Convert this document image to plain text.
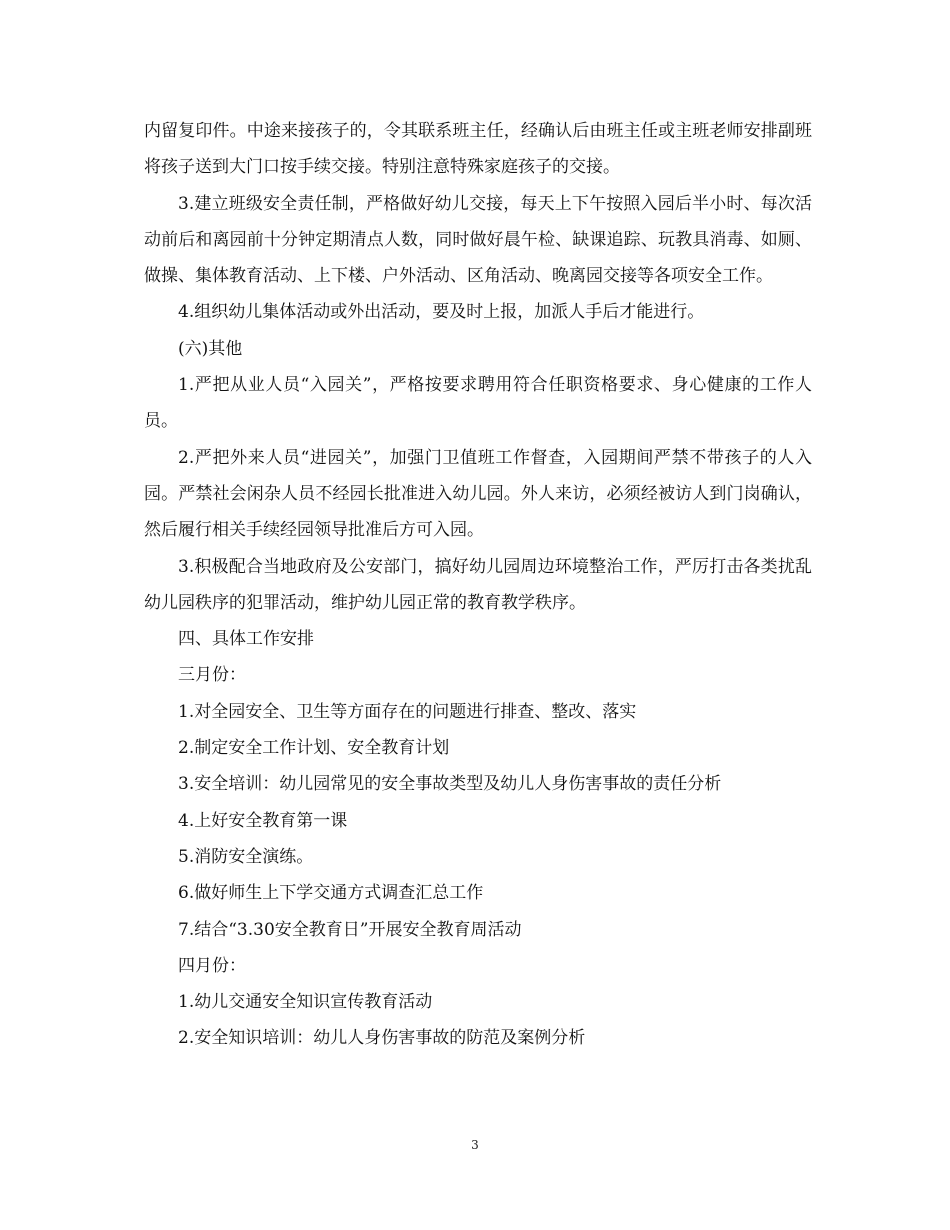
内留复印件。中途来接孩子的，令其联系班主任，经确认后由班主任或主班老师安排副班将孩子送到大门口按手续交接。特别注意特殊家庭孩子的交接。

3.建立班级安全责任制，严格做好幼儿交接，每天上下午按照入园后半小时、每次活动前后和离园前十分钟定期清点人数，同时做好晨午检、缺课追踪、玩教具消毒、如厕、做操、集体教育活动、上下楼、户外活动、区角活动、晚离园交接等各项安全工作。

4.组织幼儿集体活动或外出活动，要及时上报，加派人手后才能进行。

(六)其他

1.严把从业人员“入园关”，严格按要求聘用符合任职资格要求、身心健康的工作人员。

2.严把外来人员“进园关”，加强门卫值班工作督查，入园期间严禁不带孩子的人入园。严禁社会闲杂人员不经园长批准进入幼儿园。外人来访，必须经被访人到门岗确认，然后履行相关手续经园领导批准后方可入园。

3.积极配合当地政府及公安部门，搞好幼儿园周边环境整治工作，严厉打击各类扰乱幼儿园秩序的犯罪活动，维护幼儿园正常的教育教学秩序。

四、具体工作安排

三月份：

1.对全园安全、卫生等方面存在的问题进行排查、整改、落实

2.制定安全工作计划、安全教育计划

3.安全培训：幼儿园常见的安全事故类型及幼儿人身伤害事故的责任分析

4.上好安全教育第一课

5.消防安全演练。

6.做好师生上下学交通方式调查汇总工作

7.结合“3.30安全教育日”开展安全教育周活动

四月份：

1.幼儿交通安全知识宣传教育活动

2.安全知识培训：幼儿人身伤害事故的防范及案例分析

3
